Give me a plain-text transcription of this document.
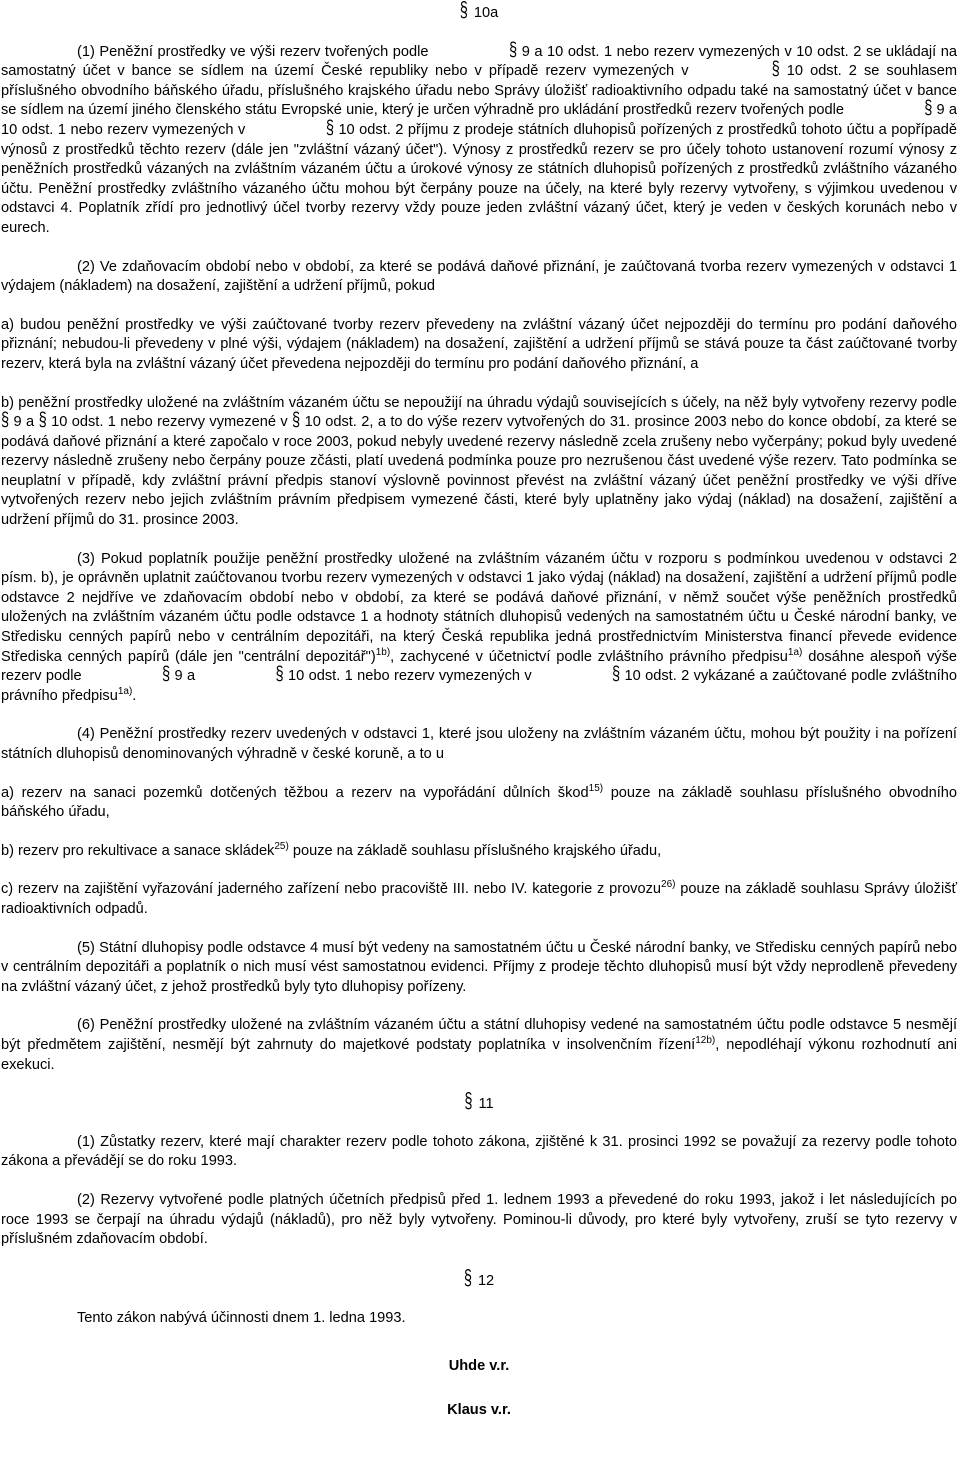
§ 10a

(1) Peněžní prostředky ve výši rezerv tvořených podle	§ 9 a 10 odst. 1 nebo rezerv vymezených v 10 odst. 2 se ukládají na samostatný účet v bance se sídlem na území České republiky nebo v případě rezerv vymezených v	§ 10 odst. 2 se souhlasem příslušného obvodního báňského úřadu, příslušného krajského úřadu nebo Správy úložišť radioaktivního odpadu také na samostatný účet v bance se sídlem na území jiného členského státu Evropské unie, který je určen výhradně pro ukládání prostředků rezerv tvořených podle	§ 9 a 10 odst. 1 nebo rezerv vymezených v	§ 10 odst. 2 příjmu z prodeje státních dluhopisů pořízených z prostředků tohoto účtu a popřípadě výnosů z prostředků těchto rezerv (dále jen "zvláštní vázaný účet"). Výnosy z prostředků rezerv se pro účely tohoto ustanovení rozumí výnosy z peněžních prostředků vázaných na zvláštním vázaném účtu a úrokové výnosy ze státních dluhopisů pořízených z prostředků zvláštního vázaného účtu. Peněžní prostředky zvláštního vázaného účtu mohou být čerpány pouze na účely, na které byly rezervy vytvořeny, s výjimkou uvedenou v odstavci 4. Poplatník zřídí pro jednotlivý účel tvorby rezervy vždy pouze jeden zvláštní vázaný účet, který je veden v českých korunách nebo v eurech.

(2) Ve zdaňovacím období nebo v období, za které se podává daňové přiznání, je zaúčtovaná tvorba rezerv vymezených v odstavci 1 výdajem (nákladem) na dosažení, zajištění a udržení příjmů, pokud

a) budou peněžní prostředky ve výši zaúčtované tvorby rezerv převedeny na zvláštní vázaný účet nejpozději do termínu pro podání daňového přiznání; nebudou-li převedeny v plné výši, výdajem (nákladem) na dosažení, zajištění a udržení příjmů se stává pouze ta část zaúčtované tvorby rezerv, která byla na zvláštní vázaný účet převedena nejpozději do termínu pro podání daňového přiznání, a

b) peněžní prostředky uložené na zvláštním vázaném účtu se nepoužijí na úhradu výdajů souvisejících s účely, na něž byly vytvořeny rezervy podle § 9 a § 10 odst. 1 nebo rezervy vymezené v § 10 odst. 2, a to do výše rezerv vytvořených do 31. prosince 2003 nebo do konce období, za které se podává daňové přiznání a které započalo v roce 2003, pokud nebyly uvedené rezervy následně zcela zrušeny nebo vyčerpány; pokud byly uvedené rezervy následně zrušeny nebo čerpány pouze zčásti, platí uvedená podmínka pouze pro nezrušenou část uvedené výše rezerv. Tato podmínka se neuplatní v případě, kdy zvláštní právní předpis stanoví výslovně povinnost převést na zvláštní vázaný účet peněžní prostředky ve výši dříve vytvořených rezerv nebo jejich zvláštním právním předpisem vymezené části, které byly uplatněny jako výdaj (náklad) na dosažení, zajištění a udržení příjmů do 31. prosince 2003.

(3) Pokud poplatník použije peněžní prostředky uložené na zvláštním vázaném účtu v rozporu s podmínkou uvedenou v odstavci 2 písm. b), je oprávněn uplatnit zaúčtovanou tvorbu rezerv vymezených v odstavci 1 jako výdaj (náklad) na dosažení, zajištění a udržení příjmů podle odstavce 2 nejdříve ve zdaňovacím období nebo v období, za které se podává daňové přiznání, v němž součet výše peněžních prostředků uložených na zvláštním vázaném účtu podle odstavce 1 a hodnoty státních dluhopisů vedených na samostatném účtu u České národní banky, ve Středisku cenných papírů nebo v centrálním depozitáři, na který Česká republika jedná prostřednictvím Ministerstva financí převede evidence Střediska cenných papírů (dále jen "centrální depozitář")$^{1b)}$, zachycené v účetnictví podle zvláštního právního předpisu$^{1a)}$ dosáhne alespoň výše rezerv podle	§ 9 a	§ 10 odst. 1 nebo rezerv vymezených v	§ 10 odst. 2 vykázané a zaúčtované podle zvláštního právního předpisu$^{1a)}$.

(4) Peněžní prostředky rezerv uvedených v odstavci 1, které jsou uloženy na zvláštním vázaném účtu, mohou být použity i na pořízení státních dluhopisů denominovaných výhradně v české koruně, a to u

a) rezerv na sanaci pozemků dotčených těžbou a rezerv na vypořádání důlních škod$^{15)}$ pouze na základě souhlasu příslušného obvodního báňského úřadu,

b) rezerv pro rekultivace a sanace skládek$^{25)}$ pouze na základě souhlasu příslušného krajského úřadu,

c) rezerv na zajištění vyřazování jaderného zařízení nebo pracoviště III. nebo IV. kategorie z provozu$^{26)}$ pouze na základě souhlasu Správy úložišť radioaktivních odpadů.

(5) Státní dluhopisy podle odstavce 4 musí být vedeny na samostatném účtu u České národní banky, ve Středisku cenných papírů nebo v centrálním depozitáři a poplatník o nich musí vést samostatnou evidenci. Příjmy z prodeje těchto dluhopisů musí být vždy neprodleně převedeny na zvláštní vázaný účet, z jehož prostředků byly tyto dluhopisy pořízeny.

(6) Peněžní prostředky uložené na zvláštním vázaném účtu a státní dluhopisy vedené na samostatném účtu podle odstavce 5 nesmějí být předmětem zajištění, nesmějí být zahrnuty do majetkové podstaty poplatníka v insolvenčním řízení$^{12b)}$, nepodléhají výkonu rozhodnutí ani exekuci.

§ 11

(1) Zůstatky rezerv, které mají charakter rezerv podle tohoto zákona, zjištěné k 31. prosinci 1992 se považují za rezervy podle tohoto zákona a převádějí se do roku 1993.

(2) Rezervy vytvořené podle platných účetních předpisů před 1. lednem 1993 a převedené do roku 1993, jakož i let následujících po roce 1993 se čerpají na úhradu výdajů (nákladů), pro něž byly vytvořeny. Pominou-li důvody, pro které byly vytvořeny, zruší se tyto rezervy v příslušném zdaňovacím období.

§ 12

Tento zákon nabývá účinnosti dnem 1. ledna 1993.

Uhde v.r.

Klaus v.r.
